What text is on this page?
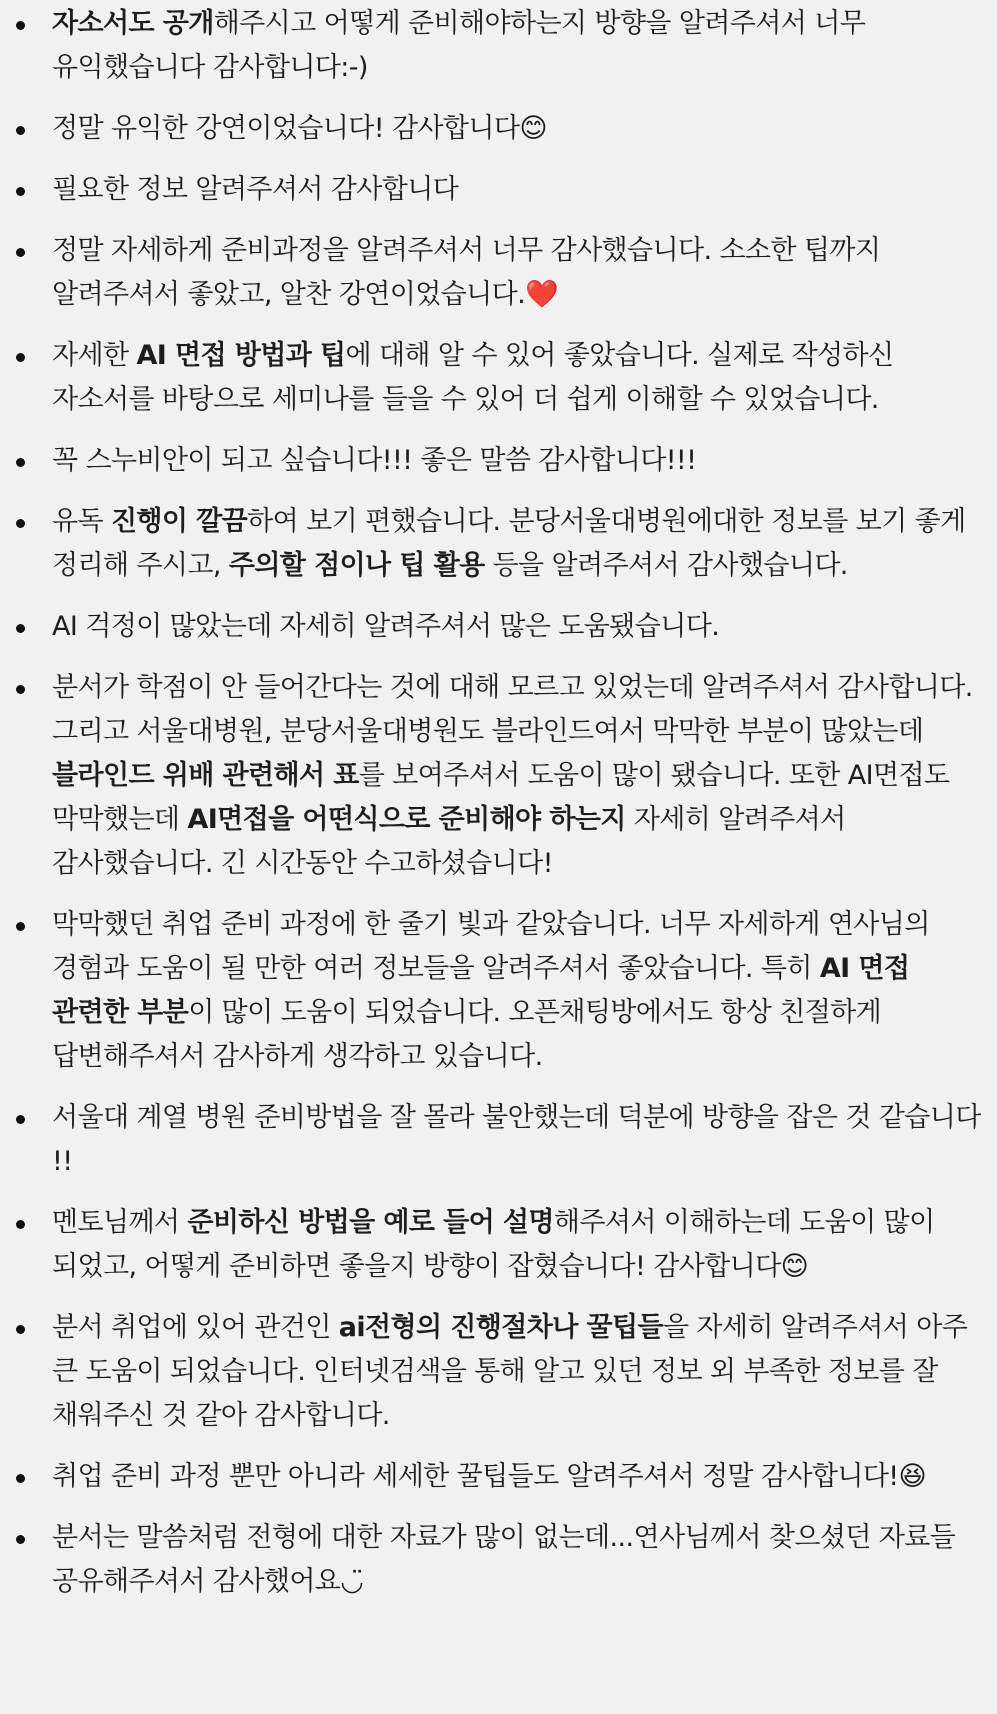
자소서도 공개해주시고 어떻게 준비해야하는지 방향을 알려주셔서 너무 유익했습니다 감사합니다:-)
정말 유익한 강연이었습니다! 감사합니다😊
필요한 정보 알려주셔서 감사합니다
정말 자세하게 준비과정을 알려주셔서 너무 감사했습니다. 소소한 팁까지 알려주셔서 좋았고, 알찬 강연이었습니다.❤️
자세한 AI 면접 방법과 팁에 대해 알 수 있어 좋았습니다. 실제로 작성하신 자소서를 바탕으로 세미나를 들을 수 있어 더 쉽게 이해할 수 있었습니다.
꼭 스누비안이 되고 싶습니다!!! 좋은 말씀 감사합니다!!!
유독 진행이 깔끔하여 보기 편했습니다. 분당서울대병원에대한 정보를 보기 좋게 정리해 주시고, 주의할 점이나 팁 활용 등을 알려주셔서 감사했습니다.
AI 걱정이 많았는데 자세히 알려주셔서 많은 도움됐습니다.
분서가 학점이 안 들어간다는 것에 대해 모르고 있었는데 알려주셔서 감사합니다. 그리고 서울대병원, 분당서울대병원도 블라인드여서 막막한 부분이 많았는데 블라인드 위배 관련해서 표를 보여주셔서 도움이 많이 됐습니다. 또한 AI면접도 막막했는데 AI면접을 어떤식으로 준비해야 하는지 자세히 알려주셔서 감사했습니다. 긴 시간동안 수고하셨습니다!
막막했던 취업 준비 과정에 한 줄기 빛과 같았습니다. 너무 자세하게 연사님의 경험과 도움이 될 만한 여러 정보들을 알려주셔서 좋았습니다. 특히 AI 면접 관련한 부분이 많이 도움이 되었습니다. 오픈채팅방에서도 항상 친절하게 답변해주셔서 감사하게 생각하고 있습니다.
서울대 계열 병원 준비방법을 잘 몰라 불안했는데 덕분에 방향을 잡은 것 같습니다 !!
멘토님께서 준비하신 방법을 예로 들어 설명해주셔서 이해하는데 도움이 많이 되었고, 어떻게 준비하면 좋을지 방향이 잡혔습니다! 감사합니다😊
분서 취업에 있어 관건인 ai전형의 진행절차나 꿀팁들을 자세히 알려주셔서 아주 큰 도움이 되었습니다. 인터넷검색을 통해 알고 있던 정보 외 부족한 정보를 잘 채워주신 것 같아 감사합니다.
취업 준비 과정 뿐만 아니라 세세한 꿀팁들도 알려주셔서 정말 감사합니다!😆
분서는 말씀처럼 전형에 대한 자료가 많이 없는데...연사님께서 찾으셨던 자료들 공유해주셔서 감사했어요◡̈
